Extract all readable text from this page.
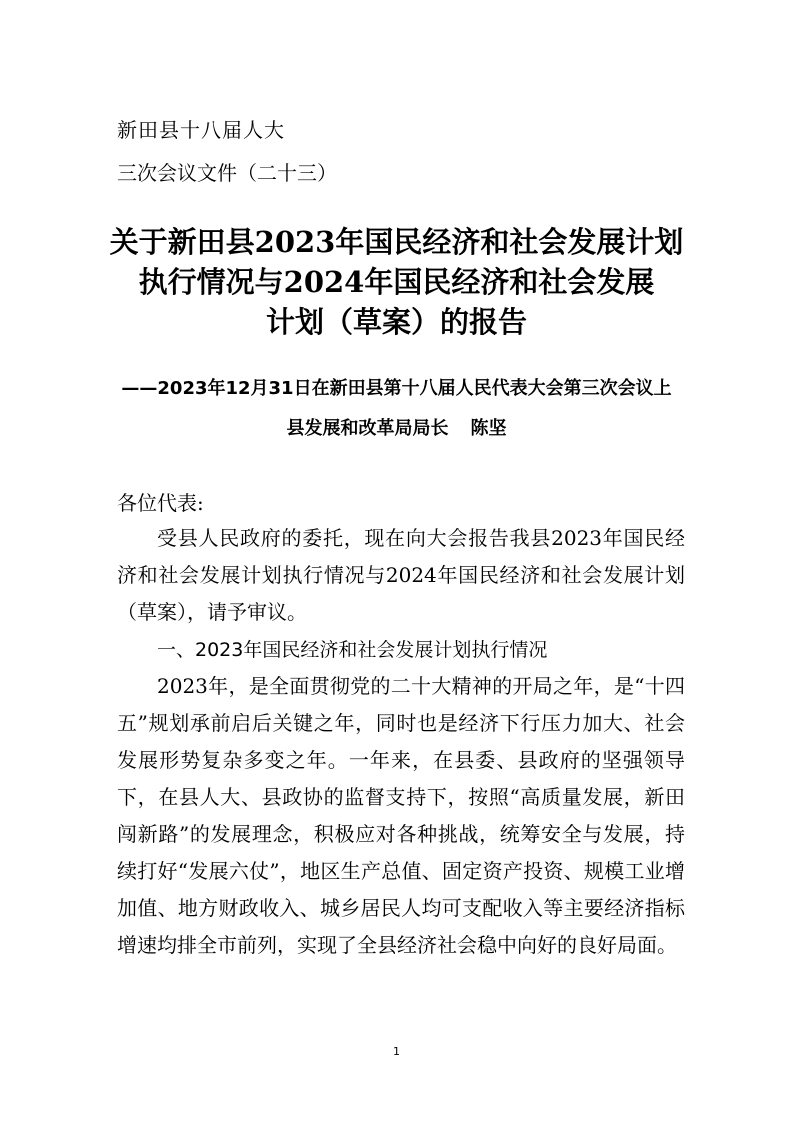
新田县十八届人大
三次会议文件（二十三）
关于新田县2023年国民经济和社会发展计划
执行情况与2024年国民经济和社会发展
计划（草案）的报告
——2023年12月31日在新田县第十八届人民代表大会第三次会议上
县发展和改革局局长 陈坚
各位代表:
受县人民政府的委托，现在向大会报告我县2023年国民经济和社会发展计划执行情况与2024年国民经济和社会发展计划（草案），请予审议。
一、2023年国民经济和社会发展计划执行情况
2023年，是全面贯彻党的二十大精神的开局之年，是“十四五”规划承前启后关键之年，同时也是经济下行压力加大、社会发展形势复杂多变之年。一年来，在县委、县政府的坚强领导下，在县人大、县政协的监督支持下，按照“高质量发展，新田闯新路”的发展理念，积极应对各种挑战，统筹安全与发展，持续打好“发展六仗”，地区生产总值、固定资产投资、规模工业增加值、地方财政收入、城乡居民人均可支配收入等主要经济指标增速均排全市前列，实现了全县经济社会稳中向好的良好局面。
1
